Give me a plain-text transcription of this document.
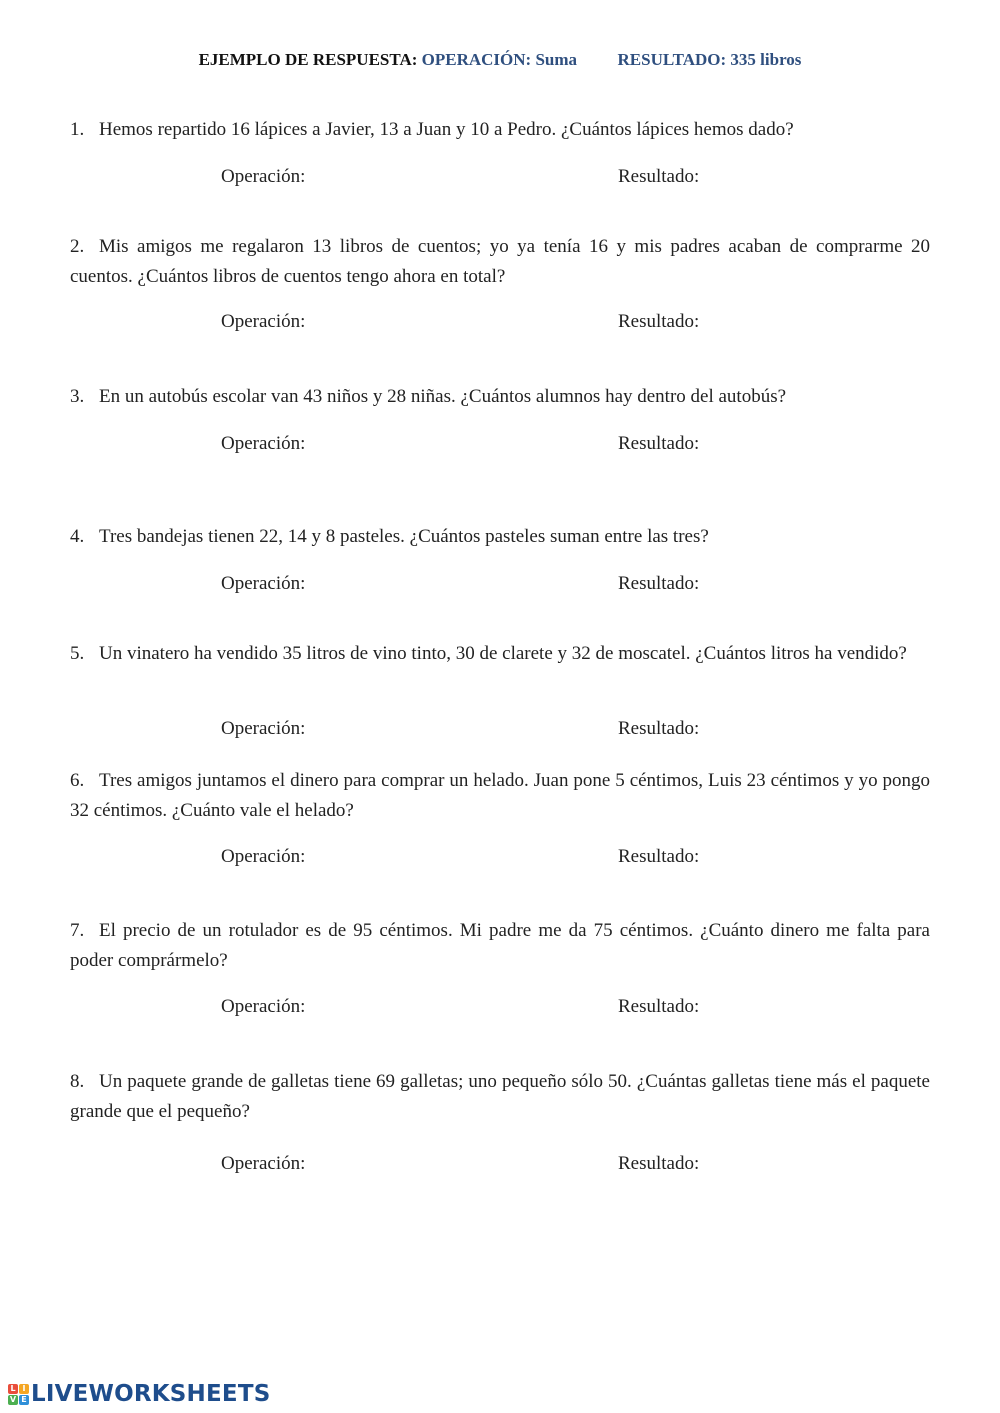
EJEMPLO DE RESPUESTA: OPERACIÓN: Suma RESULTADO: 335 libros
1. Hemos repartido 16 lápices a Javier, 13 a Juan y 10 a Pedro. ¿Cuántos lápices hemos dado?
Operación:	Resultado:
2. Mis amigos me regalaron 13 libros de cuentos; yo ya tenía 16 y mis padres acaban de comprarme 20 cuentos. ¿Cuántos libros de cuentos tengo ahora en total?
Operación:	Resultado:
3. En un autobús escolar van 43 niños y 28 niñas. ¿Cuántos alumnos hay dentro del autobús?
Operación:	Resultado:
4. Tres bandejas tienen 22, 14 y 8 pasteles. ¿Cuántos pasteles suman entre las tres?
Operación:	Resultado:
5. Un vinatero ha vendido 35 litros de vino tinto, 30 de clarete y 32 de moscatel. ¿Cuántos litros ha vendido?
Operación:	Resultado:
6. Tres amigos juntamos el dinero para comprar un helado. Juan pone 5 céntimos, Luis 23 céntimos y yo pongo 32 céntimos. ¿Cuánto vale el helado?
Operación:	Resultado:
7. El precio de un rotulador es de 95 céntimos. Mi padre me da 75 céntimos. ¿Cuánto dinero me falta para poder comprármelo?
Operación:	Resultado:
8. Un paquete grande de galletas tiene 69 galletas; uno pequeño sólo 50. ¿Cuántas galletas tiene más el paquete grande que el pequeño?
Operación:	Resultado:
L I
V E LIVEWORKSHEETS
